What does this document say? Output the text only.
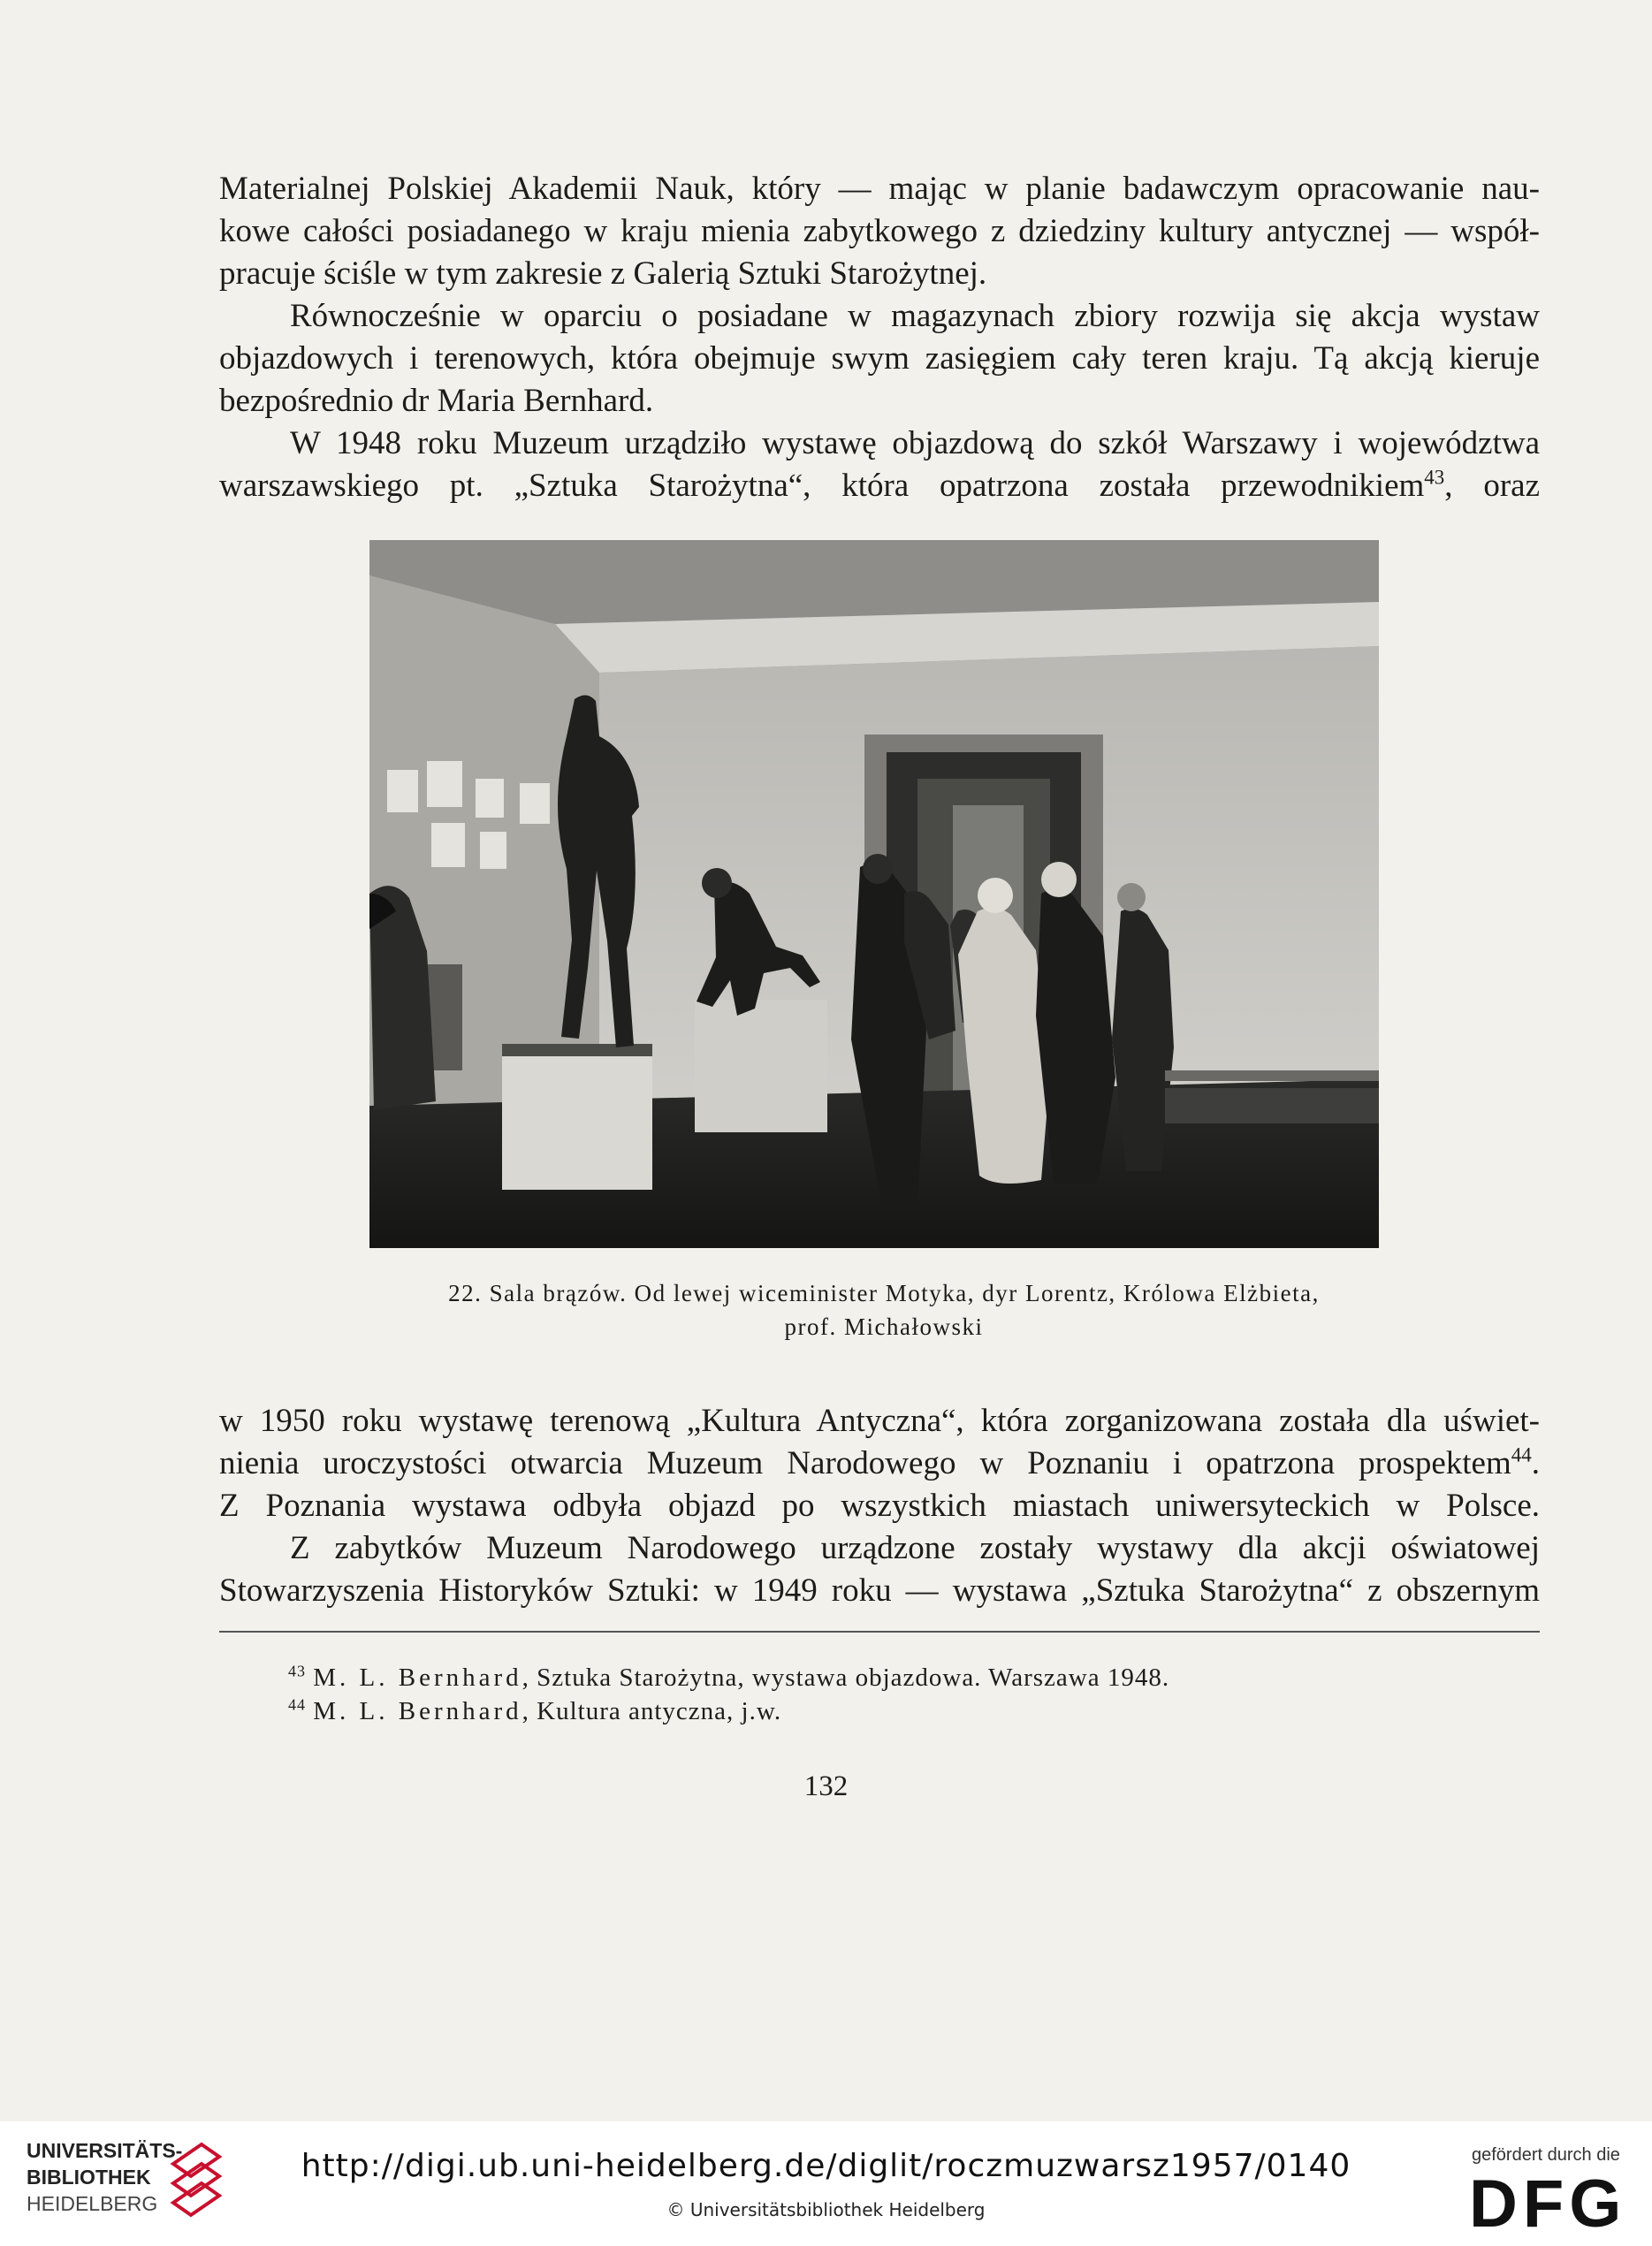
Materialnej Polskiej Akademii Nauk, który — mając w planie badawczym opracowanie nau-
kowe całości posiadanego w kraju mienia zabytkowego z dziedziny kultury antycznej — współ-
pracuje ściśle w tym zakresie z Galerią Sztuki Starożytnej.
Równocześnie w oparciu o posiadane w magazynach zbiory rozwija się akcja wystaw
objazdowych i terenowych, która obejmuje swym zasięgiem cały teren kraju. Tą akcją kieruje
bezpośrednio dr Maria Bernhard.
W 1948 roku Muzeum urządziło wystawę objazdową do szkół Warszawy i województwa
warszawskiego pt. „Sztuka Starożytna“, która opatrzona została przewodnikiem$^{43}$, oraz
22. Sala brązów. Od lewej wiceminister Motyka, dyr Lorentz, Królowa Elżbieta,
prof. Michałowski
w 1950 roku wystawę terenową „Kultura Antyczna“, która zorganizowana została dla uświet-
nienia uroczystości otwarcia Muzeum Narodowego w Poznaniu i opatrzona prospektem$^{44}$.
Z Poznania wystawa odbyła objazd po wszystkich miastach uniwersyteckich w Polsce.
Z zabytków Muzeum Narodowego urządzone zostały wystawy dla akcji oświatowej
Stowarzyszenia Historyków Sztuki: w 1949 roku — wystawa „Sztuka Starożytna“ z obszernym
$^{43}$ M. L. Bernhard, Sztuka Starożytna, wystawa objazdowa. Warszawa 1948.
$^{44}$ M. L. Bernhard, Kultura antyczna, j.w.
132
UNIVERSITÄTS-
BIBLIOTHEK
HEIDELBERG
http://digi.ub.uni-heidelberg.de/diglit/roczmuzwarsz1957/0140
© Universitätsbibliothek Heidelberg
gefördert durch die
DFG
